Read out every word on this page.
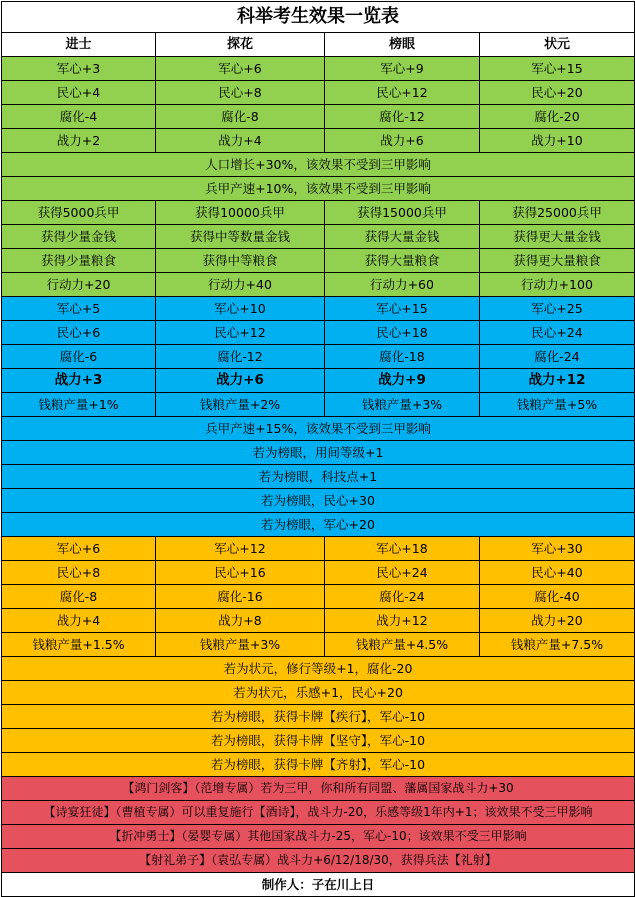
科举考生效果一览表			
进士	探花	榜眼	状元
军心+3	军心+6	军心+9	军心+15
民心+4	民心+8	民心+12	民心+20
腐化-4	腐化-8	腐化-12	腐化-20
战力+2	战力+4	战力+6	战力+10
人口增长+30%，该效果不受到三甲影响			
兵甲产速+10%，该效果不受到三甲影响			
获得5000兵甲	获得10000兵甲	获得15000兵甲	获得25000兵甲
获得少量金钱	获得中等数量金钱	获得大量金钱	获得更大量金钱
获得少量粮食	获得中等粮食	获得大量粮食	获得更大量粮食
行动力+20	行动力+40	行动力+60	行动力+100
军心+5	军心+10	军心+15	军心+25
民心+6	民心+12	民心+18	民心+24
腐化-6	腐化-12	腐化-18	腐化-24
战力+3	战力+6	战力+9	战力+12
钱粮产量+1%	钱粮产量+2%	钱粮产量+3%	钱粮产量+5%
兵甲产速+15%，该效果不受到三甲影响			
若为榜眼，用间等级+1			
若为榜眼，科技点+1			
若为榜眼，民心+30			
若为榜眼，军心+20			
军心+6	军心+12	军心+18	军心+30
民心+8	民心+16	民心+24	民心+40
腐化-8	腐化-16	腐化-24	腐化-40
战力+4	战力+8	战力+12	战力+20
钱粮产量+1.5%	钱粮产量+3%	钱粮产量+4.5%	钱粮产量+7.5%
若为状元，修行等级+1，腐化-20			
若为状元，乐感+1，民心+20			
若为榜眼，获得卡牌【疾行】，军心-10			
若为榜眼，获得卡牌【坚守】，军心-10			
若为榜眼，获得卡牌【齐射】，军心-10			
【鸿门剑客】（范增专属）若为三甲，你和所有同盟、藩属国家战斗力+30			
【诗宴狂徒】（曹植专属）可以重复施行【酒诗】，战斗力-20，乐感等级1年内+1；该效果不受三甲影响			
【折冲勇士】（晏婴专属）其他国家战斗力-25，军心-10；该效果不受三甲影响			
【射礼弟子】（袁弘专属）战斗力+6/12/18/30，获得兵法【礼射】			
制作人：子在川上日			
